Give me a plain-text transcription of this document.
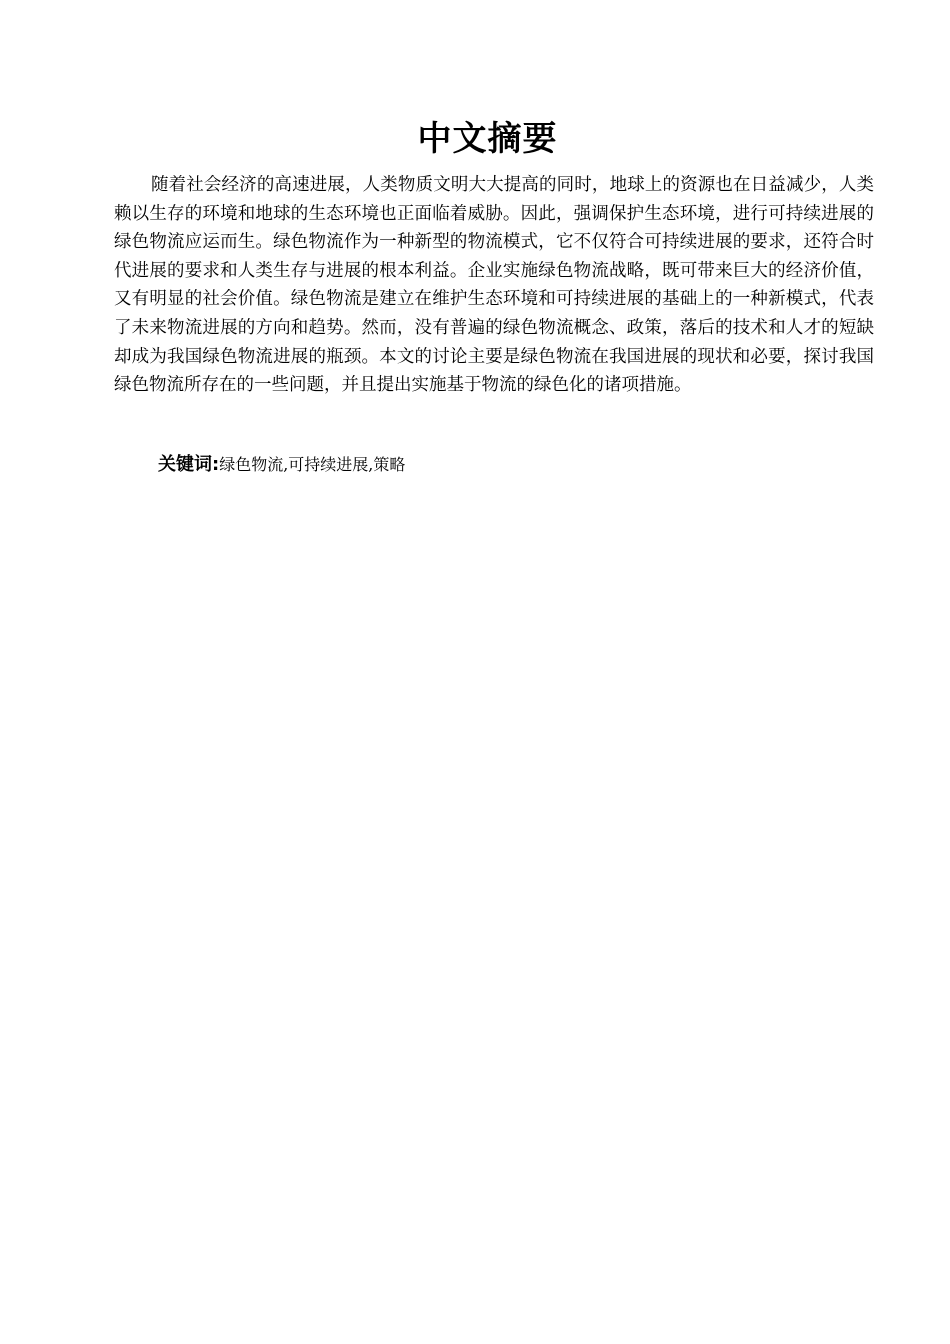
中文摘要

随着社会经济的高速进展，人类物质文明大大提高的同时，地球上的资源也在日益减少，人类赖以生存的环境和地球的生态环境也正面临着威胁。因此，强调保护生态环境，进行可持续进展的绿色物流应运而生。绿色物流作为一种新型的物流模式，它不仅符合可持续进展的要求，还符合时代进展的要求和人类生存与进展的根本利益。企业实施绿色物流战略，既可带来巨大的经济价值，又有明显的社会价值。绿色物流是建立在维护生态环境和可持续进展的基础上的一种新模式，代表了未来物流进展的方向和趋势。然而，没有普遍的绿色物流概念、政策，落后的技术和人才的短缺却成为我国绿色物流进展的瓶颈。本文的讨论主要是绿色物流在我国进展的现状和必要，探讨我国绿色物流所存在的一些问题，并且提出实施基于物流的绿色化的诸项措施。

关键词:绿色物流,可持续进展,策略
